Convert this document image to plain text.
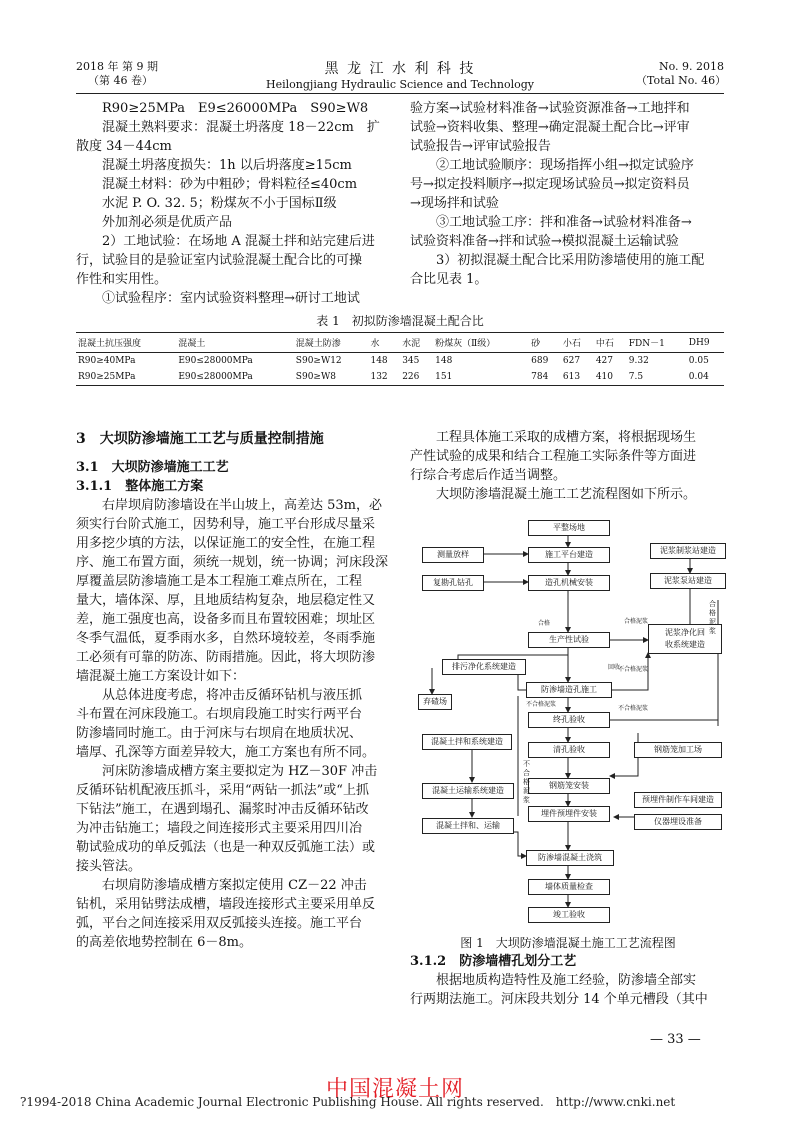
2018 年 第 9 期
（第 46 卷）
黑 龙 江 水 利 科 技
Heilongjiang Hydraulic Science and Technology
No. 9. 2018
（Total No. 46）

R90≥25MPa　E9≤26000MPa　S90≥W8

混凝土熟料要求：混凝土坍落度 18－22cm　扩

散度 34－44cm

混凝土坍落度损失：1h 以后坍落度≥15cm

混凝土材料：砂为中粗砂；骨料粒径≤40cm

水泥 P. O. 32. 5；粉煤灰不小于国标Ⅱ级

外加剂必须是优质产品

2）工地试验：在场地 A 混凝土拌和站完建后进

行，试验目的是验证室内试验混凝土配合比的可操

作性和实用性。

①试验程序：室内试验资料整理→研讨工地试

验方案→试验材料准备→试验资源准备→工地拌和

试验→资料收集、整理→确定混凝土配合比→评审

试验报告→评审试验报告

②工地试验顺序：现场指挥小组→拟定试验序

号→拟定投料顺序→拟定现场试验员→拟定资料员

→现场拌和试验

③工地试验工序：拌和准备→试验材料准备→

试验资料准备→拌和试验→模拟混凝土运输试验

3）初拟混凝土配合比采用防渗墙使用的施工配

合比见表 1。

表 1　初拟防渗墙混凝土配合比
混凝土抗压强度	混凝土	混凝土防渗	水	水泥	粉煤灰（Ⅱ级）	砂	小石	中石	FDN－1	DH9
R90≥40MPa	E90≤28000MPa	S90≥W12	148	345	148	689	627	427	9.32	0.05
R90≥25MPa	E90≤28000MPa	S90≥W8	132	226	151	784	613	410	7.5	0.04
3　大坝防渗墙施工工艺与质量控制措施
3.1　大坝防渗墙施工工艺
3.1.1　整体施工方案
右岸坝肩防渗墙设在半山坡上，高差达 53m，必
须实行台阶式施工，因势利导，施工平台形成尽量采
用多挖少填的方法，以保证施工的安全性，在施工程
序、施工布置方面，须统一规划，统一协调；河床段深
厚覆盖层防渗墙施工是本工程施工难点所在，工程
量大，墙体深、厚，且地质结构复杂，地层稳定性又
差，施工强度也高，设备多而且布置较困难；坝址区
冬季气温低，夏季雨水多，自然环境较差，冬雨季施
工必须有可靠的防冻、防雨措施。因此，将大坝防渗
墙混凝土施工方案设计如下：
从总体进度考虑，将冲击反循环钻机与液压抓
斗布置在河床段施工。右坝肩段施工时实行两平台
防渗墙同时施工。由于河床与右坝肩在地质状况、
墙厚、孔深等方面差异较大，施工方案也有所不同。
河床防渗墙成槽方案主要拟定为 HZ－30F 冲击
反循环钻机配液压抓斗，采用“两钻一抓法”或“上抓
下钻法”施工，在遇到塌孔、漏浆时冲击反循环钻改
为冲击钻施工；墙段之间连接形式主要采用四川冶
勒试验成功的单反弧法（也是一种双反弧施工法）或
接头管法。
右坝肩防渗墙成槽方案拟定使用 CZ－22 冲击
钻机，采用钻劈法成槽，墙段连接形式主要采用单反
弧，平台之间连接采用双反弧接头连接。施工平台
的高差依地势控制在 6－8m。
工程具体施工采取的成槽方案，将根据现场生
产性试验的成果和结合工程施工实际条件等方面进
行综合考虑后作适当调整。
大坝防渗墙混凝土施工工艺流程图如下所示。
平整场地
测量放样	施工平台建造	泥浆制浆站建造
复勘孔钻孔	造孔机械安装	泥浆泵站建造
生产性试验
泥浆净化回
收系统建造
排污净化系统建造
防渗墙造孔施工
弃碴场
终孔验收
清孔验收
混凝土拌和系统建造
钢筋笼加工场
混凝土运输系统建造
钢筋笼安装
预埋件制作车间建造
埋件预埋件安装
仪器埋设准备
混凝土拌和、运输
防渗墙混凝土浇筑
墙体质量检查
竣工验收
合格泥浆
合格
回收
不合格泥浆
不合格泥浆
不合格泥浆
合格泥浆
不合格泥浆
图 1　大坝防渗墙混凝土施工工艺流程图
3.1.2　防渗墙槽孔划分工艺
根据地质构造特性及施工经验，防渗墙全部实
行两期法施工。河床段共划分 14 个单元槽段（其中
— 33 —
中国混凝土网
?1994-2018 China Academic Journal Electronic Publishing House. All rights reserved.　http://www.cnki.net
